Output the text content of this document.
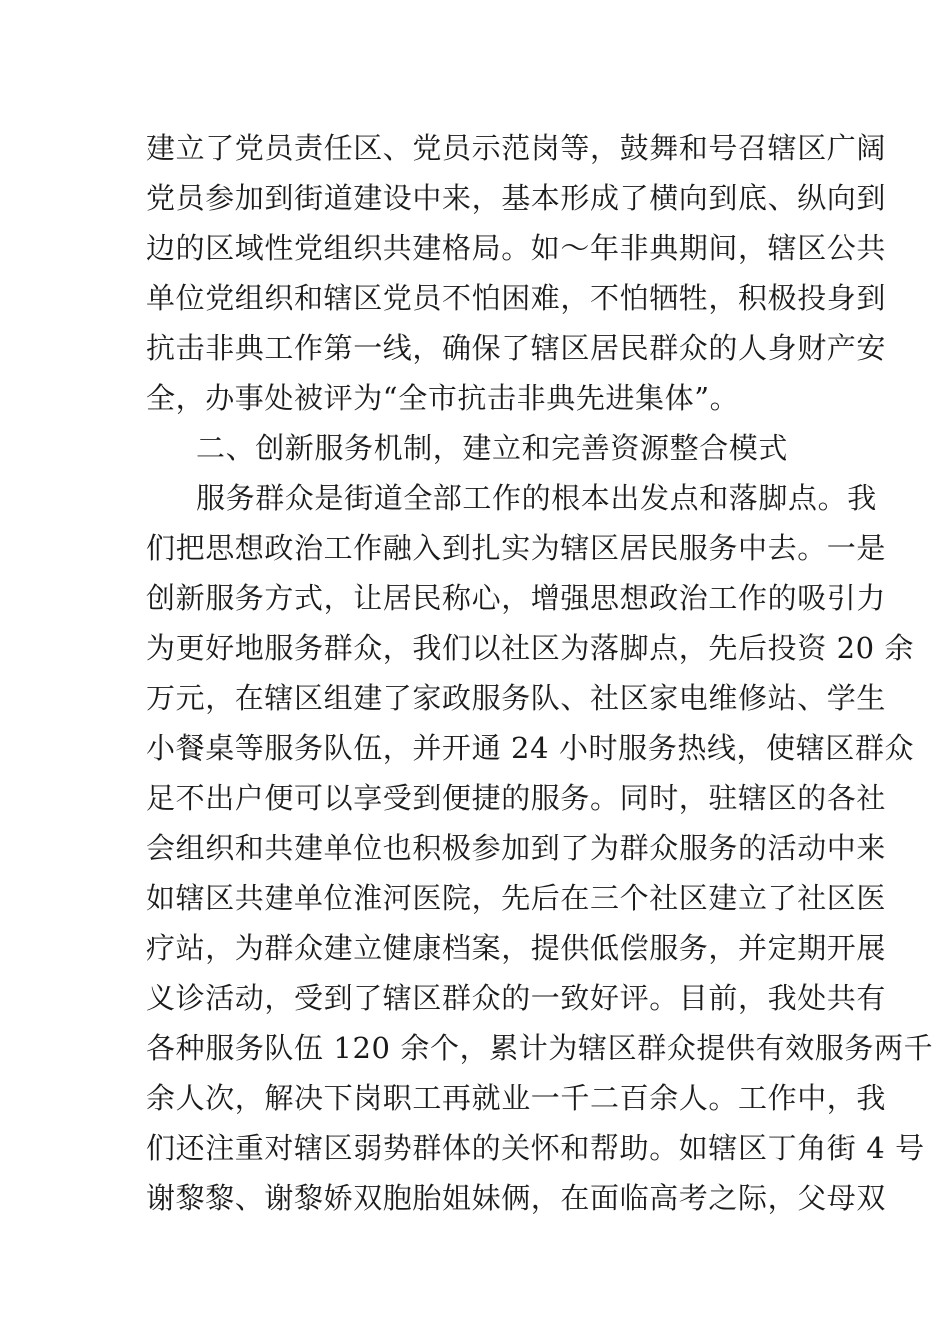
建立了党员责任区、党员示范岗等，鼓舞和号召辖区广阔
党员参加到街道建设中来，基本形成了横向到底、纵向到
边的区域性党组织共建格局。如～年非典期间，辖区公共
单位党组织和辖区党员不怕困难，不怕牺牲，积极投身到
抗击非典工作第一线，确保了辖区居民群众的人身财产安
全，办事处被评为“全市抗击非典先进集体”。
二、创新服务机制，建立和完善资源整合模式
服务群众是街道全部工作的根本出发点和落脚点。我
们把思想政治工作融入到扎实为辖区居民服务中去。一是
创新服务方式，让居民称心，增强思想政治工作的吸引力
为更好地服务群众，我们以社区为落脚点，先后投资 20 余
万元，在辖区组建了家政服务队、社区家电维修站、学生
小餐桌等服务队伍，并开通 24 小时服务热线，使辖区群众
足不出户便可以享受到便捷的服务。同时，驻辖区的各社
会组织和共建单位也积极参加到了为群众服务的活动中来
如辖区共建单位淮河医院，先后在三个社区建立了社区医
疗站，为群众建立健康档案，提供低偿服务，并定期开展
义诊活动，受到了辖区群众的一致好评。目前，我处共有
各种服务队伍 120 余个，累计为辖区群众提供有效服务两千
余人次，解决下岗职工再就业一千二百余人。工作中，我
们还注重对辖区弱势群体的关怀和帮助。如辖区丁角街 4 号
谢黎黎、谢黎娇双胞胎姐妹俩，在面临高考之际，父母双
